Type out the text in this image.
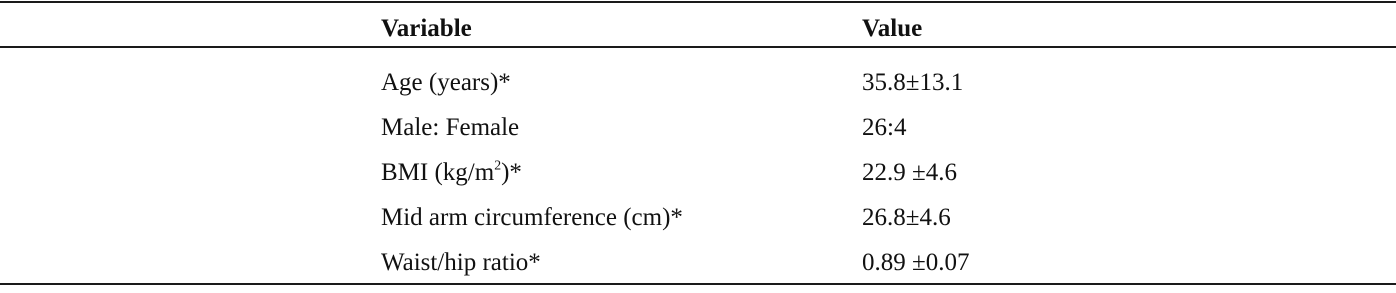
Variable	Value
Age (years)*	35.8±13.1
Male: Female	26:4
BMI $(kg/m^2)*$	22.9 ±4.6
Mid arm circumference (cm)*	26.8±4.6
Waist/hip ratio*	0.89 ±0.07
